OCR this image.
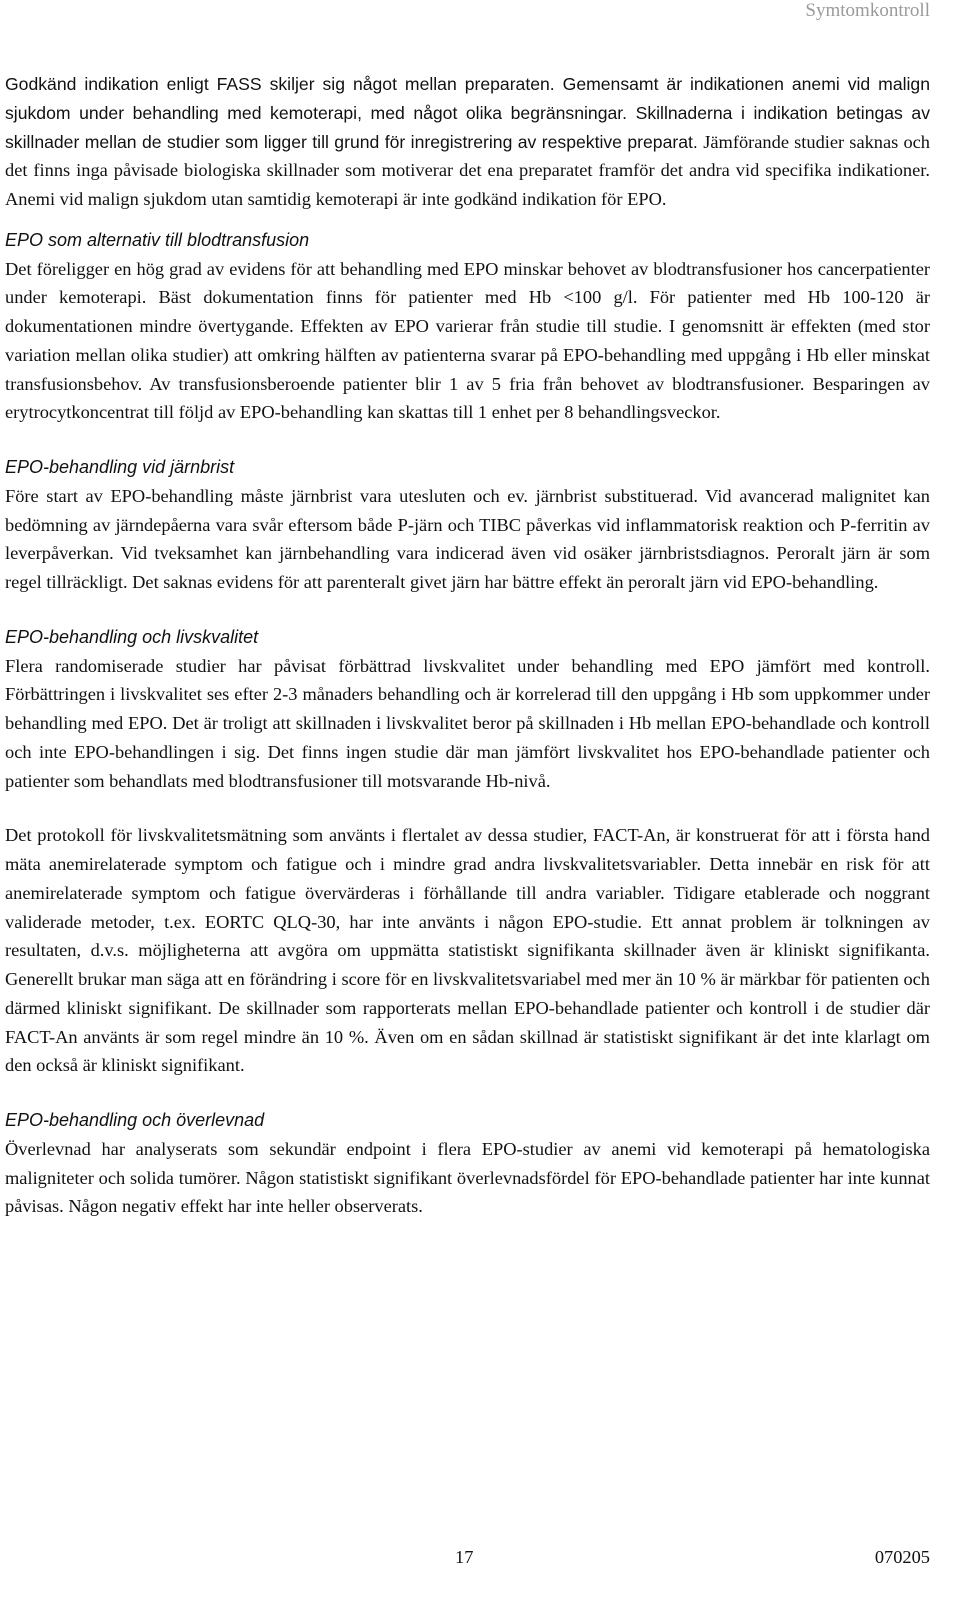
Symtomkontroll

Godkänd indikation enligt FASS skiljer sig något mellan preparaten. Gemensamt är indikationen anemi vid malign sjukdom under behandling med kemoterapi, med något olika begränsningar. Skillnaderna i indikation betingas av skillnader mellan de studier som ligger till grund för inregistrering av respektive preparat. Jämförande studier saknas och det finns inga påvisade biologiska skillnader som motiverar det ena preparatet framför det andra vid specifika indikationer. Anemi vid malign sjukdom utan samtidig kemoterapi är inte godkänd indikation för EPO.

EPO som alternativ till blodtransfusion

Det föreligger en hög grad av evidens för att behandling med EPO minskar behovet av blodtransfusioner hos cancerpatienter under kemoterapi. Bäst dokumentation finns för patienter med Hb <100 g/l. För patienter med Hb 100-120 är dokumentationen mindre övertygande. Effekten av EPO varierar från studie till studie. I genomsnitt är effekten (med stor variation mellan olika studier) att omkring hälften av patienterna svarar på EPO-behandling med uppgång i Hb eller minskat transfusionsbehov. Av transfusionsberoende patienter blir 1 av 5 fria från behovet av blodtransfusioner. Besparingen av erytrocytkoncentrat till följd av EPO-behandling kan skattas till 1 enhet per 8 behandlingsveckor.

EPO-behandling vid järnbrist

Före start av EPO-behandling måste järnbrist vara utesluten och ev. järnbrist substituerad. Vid avancerad malignitet kan bedömning av järndepåerna vara svår eftersom både P-järn och TIBC påverkas vid inflammatorisk reaktion och P-ferritin av leverpåverkan. Vid tveksamhet kan järnbehandling vara indicerad även vid osäker järnbristsdiagnos. Peroralt järn är som regel tillräckligt. Det saknas evidens för att parenteralt givet järn har bättre effekt än peroralt järn vid EPO-behandling.

EPO-behandling och livskvalitet

Flera randomiserade studier har påvisat förbättrad livskvalitet under behandling med EPO jämfört med kontroll. Förbättringen i livskvalitet ses efter 2-3 månaders behandling och är korrelerad till den uppgång i Hb som uppkommer under behandling med EPO. Det är troligt att skillnaden i livskvalitet beror på skillnaden i Hb mellan EPO-behandlade och kontroll och inte EPO-behandlingen i sig. Det finns ingen studie där man jämfört livskvalitet hos EPO-behandlade patienter och patienter som behandlats med blodtransfusioner till motsvarande Hb-nivå.

Det protokoll för livskvalitetsmätning som använts i flertalet av dessa studier, FACT-An, är konstruerat för att i första hand mäta anemirelaterade symptom och fatigue och i mindre grad andra livskvalitetsvariabler. Detta innebär en risk för att anemirelaterade symptom och fatigue övervärderas i förhållande till andra variabler. Tidigare etablerade och noggrant validerade metoder, t.ex. EORTC QLQ-30, har inte använts i någon EPO-studie. Ett annat problem är tolkningen av resultaten, d.v.s. möjligheterna att avgöra om uppmätta statistiskt signifikanta skillnader även är kliniskt signifikanta. Generellt brukar man säga att en förändring i score för en livskvalitetsvariabel med mer än 10 % är märkbar för patienten och därmed kliniskt signifikant. De skillnader som rapporterats mellan EPO-behandlade patienter och kontroll i de studier där FACT-An använts är som regel mindre än 10 %. Även om en sådan skillnad är statistiskt signifikant är det inte klarlagt om den också är kliniskt signifikant.

EPO-behandling och överlevnad

Överlevnad har analyserats som sekundär endpoint i flera EPO-studier av anemi vid kemoterapi på hematologiska maligniteter och solida tumörer. Någon statistiskt signifikant överlevnadsfördel för EPO-behandlade patienter har inte kunnat påvisas. Någon negativ effekt har inte heller observerats.

17	070205
